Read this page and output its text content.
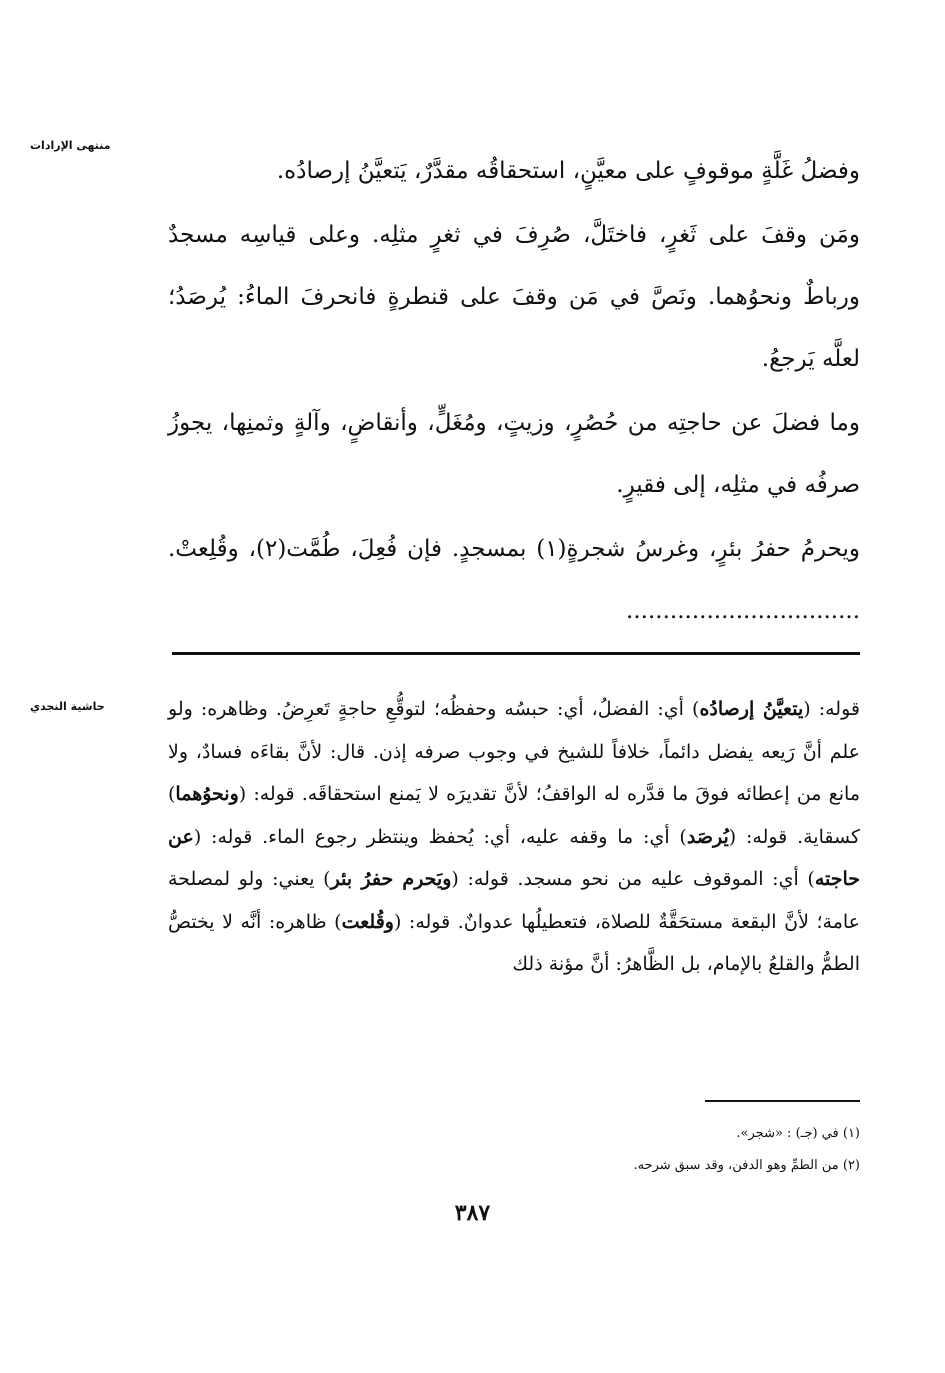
منتهى الإرادات

وفضلُ غَلَّةٍ موقوفٍ على معيَّنٍ، استحقاقُه مقدَّرٌ، يَتعيَّنُ إرصادُه.

ومَن وقفَ على ثَغرٍ، فاختَلَّ، صُرِفَ في ثغرٍ مثلِه. وعلى قياسِه مسجدٌ ورباطٌ ونحوُهما. ونَصَّ في مَن وقفَ على قنطرةٍ فانحرفَ الماءُ: يُرصَدُ؛ لعلَّه يَرجعُ.

وما فضلَ عن حاجتِه من حُصُرٍ، وزيتٍ، ومُغَلٍّ، وأنقاضٍ، وآلةٍ وثمنِها، يجوزُ صرفُه في مثلِه، إلى فقيرٍ.

ويحرمُ حفرُ بئرٍ، وغرسُ شجرةٍ(١) بمسجدٍ. فإن فُعِلَ، طُمَّت(٢)، وقُلِعتْ. ................................

حاشية النجدي	قوله: (يتعيَّنُ إرصادُه) أي: الفضلُ، أي: حبسُه وحفظُه؛ لتوقُّعِ حاجةٍ تَعرِضُ. وظاهره: ولو علم أنَّ رَيعه يفضل دائماً، خلافاً للشيخ في وجوب صرفه إذن. قال: لأنَّ بقاءَه فسادٌ، ولا مانع من إعطائه فوقَ ما قدَّره له الواقفُ؛ لأنَّ تقديرَه لا يَمنع استحقاقَه. قوله: (ونحوُهما) كسقاية. قوله: (يُرصَد) أي: ما وقفه عليه، أي: يُحفظ وينتظر رجوع الماء. قوله: (عن حاجته) أي: الموقوف عليه من نحو مسجد. قوله: (ويَحرم حفرُ بئر) يعني: ولو لمصلحة عامة؛ لأنَّ البقعة مستحَقَّةٌ للصلاة، فتعطيلُها عدوانٌ. قوله: (وقُلعت) ظاهره: أنَّه لا يختصُّ الطمُّ والقلعُ بالإمام، بل الظَّاهرُ: أنَّ مؤنة ذلك

(١) في (جـ) : «شجر».
(٢) من الطمِّ وهو الدفن، وقد سبق شرحه.
٣٨٧
